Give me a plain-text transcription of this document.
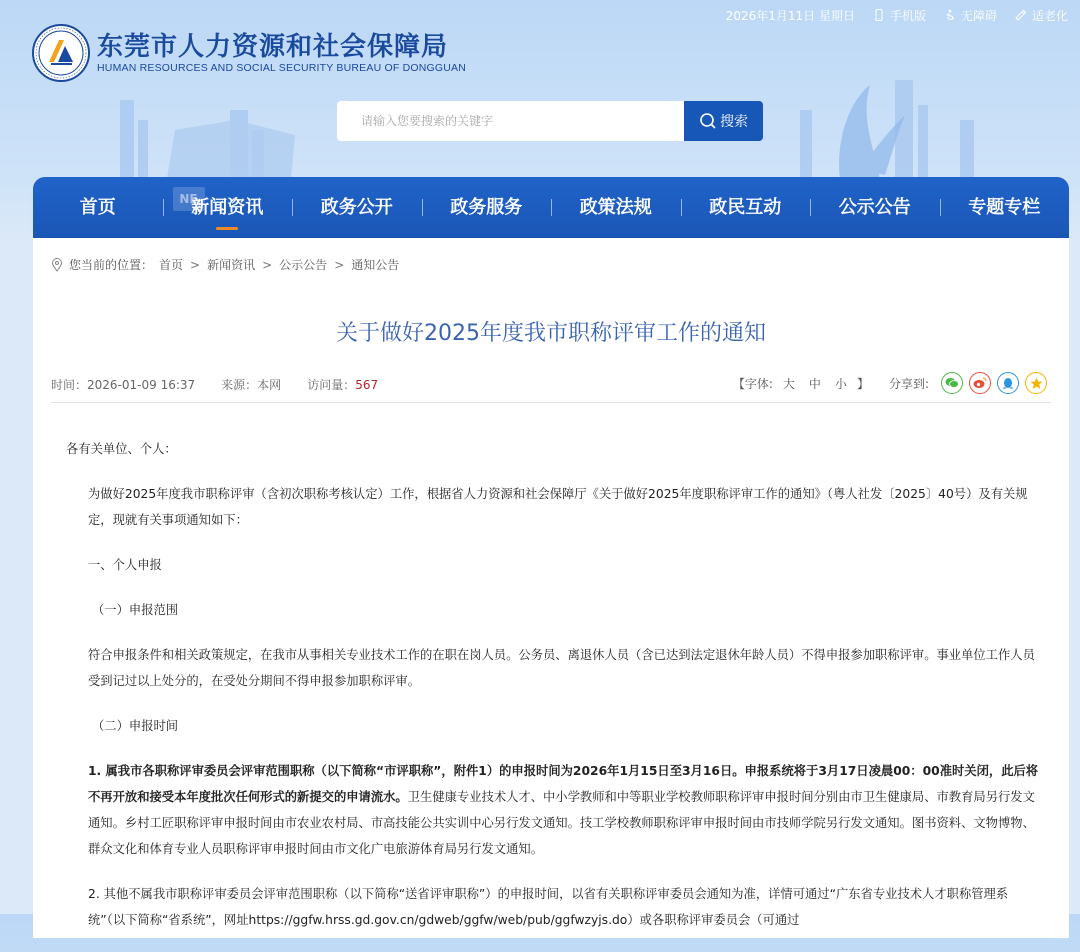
2026年1月11日 星期日	手机版	无障碍	适老化
东莞市人力资源和社会保障局
HUMAN RESOURCES AND SOCIAL SECURITY BUREAU OF DONGGUAN
请输入您要搜索的关键字
搜索
首页	NE
新闻资讯	政务公开	政务服务	政策法规	政民互动	公示公告	专题专栏
您当前的位置： 首页 > 新闻资讯 > 公示公告 > 通知公告
关于做好2025年度我市职称评审工作的通知
时间：2026-01-09 16:37 来源：本网 访问量：567	【字体: 大 中 小 】 分享到:

各有关单位、个人：

为做好2025年度我市职称评审（含初次职称考核认定）工作，根据省人力资源和社会保障厅《关于做好2025年度职称评审工作的通知》（粤人社发〔2025〕40号）及有关规定，现就有关事项通知如下：

一、个人申报

（一）申报范围

符合申报条件和相关政策规定，在我市从事相关专业技术工作的在职在岗人员。公务员、离退休人员（含已达到法定退休年龄人员）不得申报参加职称评审。事业单位工作人员受到记过以上处分的，在受处分期间不得申报参加职称评审。

（二）申报时间

1. 属我市各职称评审委员会评审范围职称（以下简称“市评职称”，附件1）的申报时间为2026年1月15日至3月16日。申报系统将于3月17日凌晨00：00准时关闭，此后将不再开放和接受本年度批次任何形式的新提交的申请流水。卫生健康专业技术人才、中小学教师和中等职业学校教师职称评审申报时间分别由市卫生健康局、市教育局另行发文通知。乡村工匠职称评审申报时间由市农业农村局、市高技能公共实训中心另行发文通知。技工学校教师职称评审申报时间由市技师学院另行发文通知。图书资料、文物博物、群众文化和体育专业人员职称评审申报时间由市文化广电旅游体育局另行发文通知。

2. 其他不属我市职称评审委员会评审范围职称（以下简称“送省评审职称”）的申报时间，以省有关职称评审委员会通知为准，详情可通过“广东省专业技术人才职称管理系统”（以下简称“省系统”，网址https://ggfw.hrss.gd.gov.cn/gdweb/ggfw/web/pub/ggfwzyjs.do）或各职称评审委员会（可通过
